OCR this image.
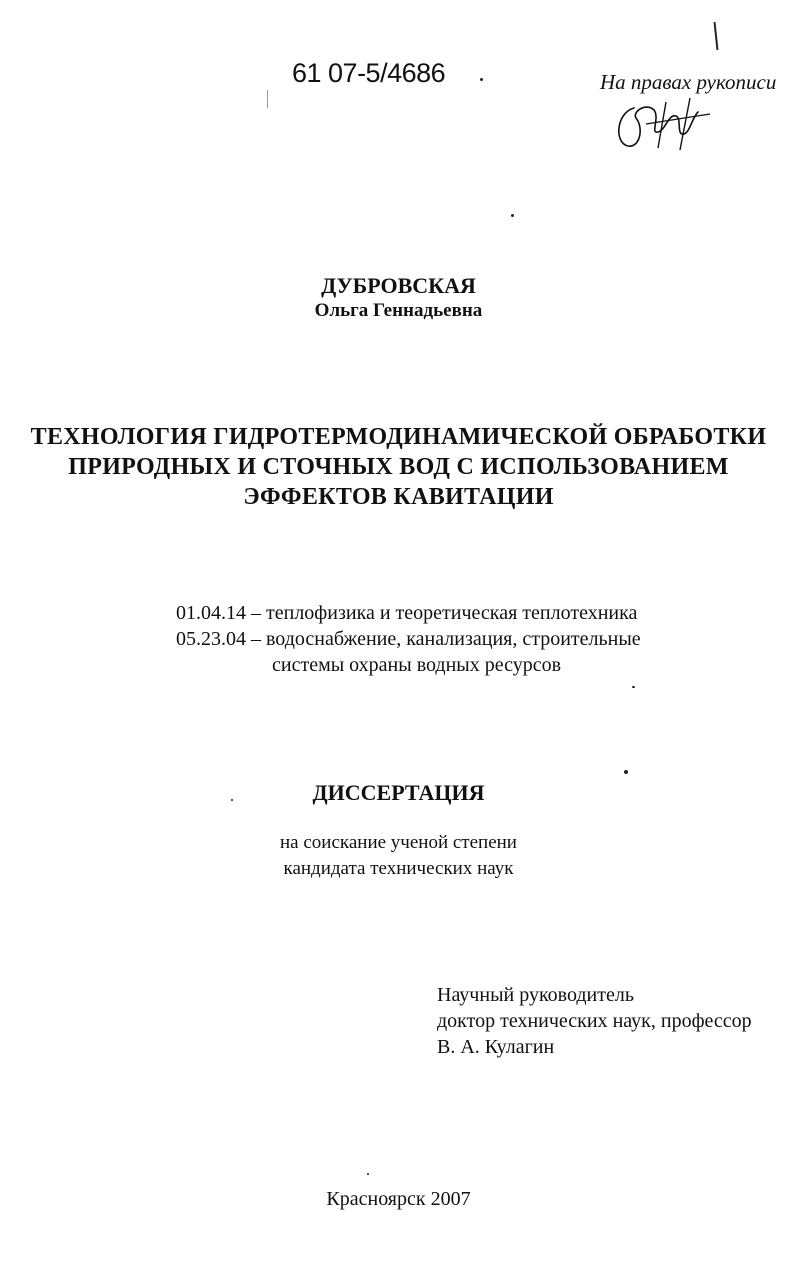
61 07-5/4686	На правах рукописи
ДУБРОВСКАЯ
Ольга Геннадьевна
ТЕХНОЛОГИЯ ГИДРОТЕРМОДИНАМИЧЕСКОЙ ОБРАБОТКИ
ПРИРОДНЫХ И СТОЧНЫХ ВОД С ИСПОЛЬЗОВАНИЕМ
ЭФФЕКТОВ КАВИТАЦИИ
01.04.14 – теплофизика и теоретическая теплотехника
05.23.04 – водоснабжение, канализация, строительные
системы охраны водных ресурсов
ДИССЕРТАЦИЯ
на соискание ученой степени
кандидата технических наук
Научный руководитель
доктор технических наук, профессор
В. А. Кулагин
Красноярск 2007
